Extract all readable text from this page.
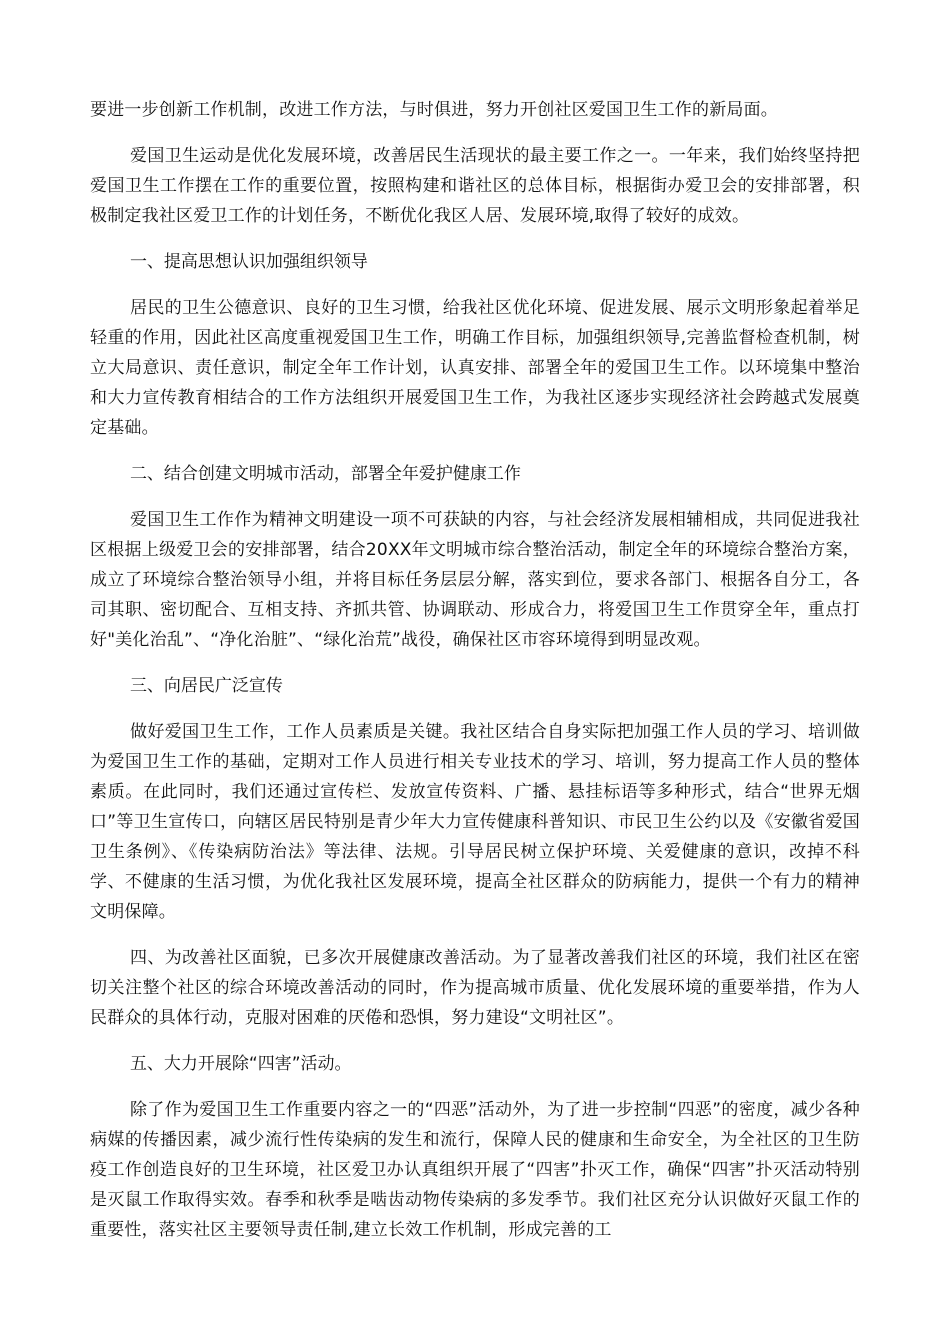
要进一步创新工作机制，改进工作方法，与时俱进，努力开创社区爱国卫生工作的新局面。

爱国卫生运动是优化发展环境，改善居民生活现状的最主要工作之一。一年来，我们始终坚持把爱国卫生工作摆在工作的重要位置，按照构建和谐社区的总体目标，根据街办爱卫会的安排部署，积极制定我社区爱卫工作的计划任务，不断优化我区人居、发展环境,取得了较好的成效。

一、提高思想认识加强组织领导

居民的卫生公德意识、良好的卫生习惯，给我社区优化环境、促进发展、展示文明形象起着举足轻重的作用，因此社区高度重视爱国卫生工作，明确工作目标，加强组织领导,完善监督检查机制，树立大局意识、责任意识，制定全年工作计划，认真安排、部署全年的爱国卫生工作。以环境集中整治和大力宣传教育相结合的工作方法组织开展爱国卫生工作，为我社区逐步实现经济社会跨越式发展奠定基础。

二、结合创建文明城市活动，部署全年爱护健康工作

爱国卫生工作作为精神文明建设一项不可获缺的内容，与社会经济发展相辅相成，共同促进我社区根据上级爱卫会的安排部署，结合20XX年文明城市综合整治活动，制定全年的环境综合整治方案，成立了环境综合整治领导小组，并将目标任务层层分解，落实到位，要求各部门、根据各自分工，各司其职、密切配合、互相支持、齐抓共管、协调联动、形成合力，将爱国卫生工作贯穿全年，重点打好"美化治乱”、“净化治脏”、“绿化治荒”战役，确保社区市容环境得到明显改观。

三、向居民广泛宣传

做好爱国卫生工作，工作人员素质是关键。我社区结合自身实际把加强工作人员的学习、培训做为爱国卫生工作的基础，定期对工作人员进行相关专业技术的学习、培训，努力提高工作人员的整体素质。在此同时，我们还通过宣传栏、发放宣传资料、广播、悬挂标语等多种形式，结合“世界无烟口”等卫生宣传口，向辖区居民特别是青少年大力宣传健康科普知识、市民卫生公约以及《安徽省爱国卫生条例》、《传染病防治法》等法律、法规。引导居民树立保护环境、关爱健康的意识，改掉不科学、不健康的生活习惯，为优化我社区发展环境，提高全社区群众的防病能力，提供一个有力的精神文明保障。

四、为改善社区面貌，已多次开展健康改善活动。为了显著改善我们社区的环境，我们社区在密切关注整个社区的综合环境改善活动的同时，作为提高城市质量、优化发展环境的重要举措，作为人民群众的具体行动，克服对困难的厌倦和恐惧，努力建设“文明社区”。

五、大力开展除“四害”活动。

除了作为爱国卫生工作重要内容之一的“四恶”活动外，为了进一步控制“四恶”的密度，减少各种病媒的传播因素，减少流行性传染病的发生和流行，保障人民的健康和生命安全，为全社区的卫生防疫工作创造良好的卫生环境，社区爱卫办认真组织开展了“四害”扑灭工作，确保“四害”扑灭活动特别是灭鼠工作取得实效。春季和秋季是啮齿动物传染病的多发季节。我们社区充分认识做好灭鼠工作的重要性，落实社区主要领导责任制,建立长效工作机制，形成完善的工
